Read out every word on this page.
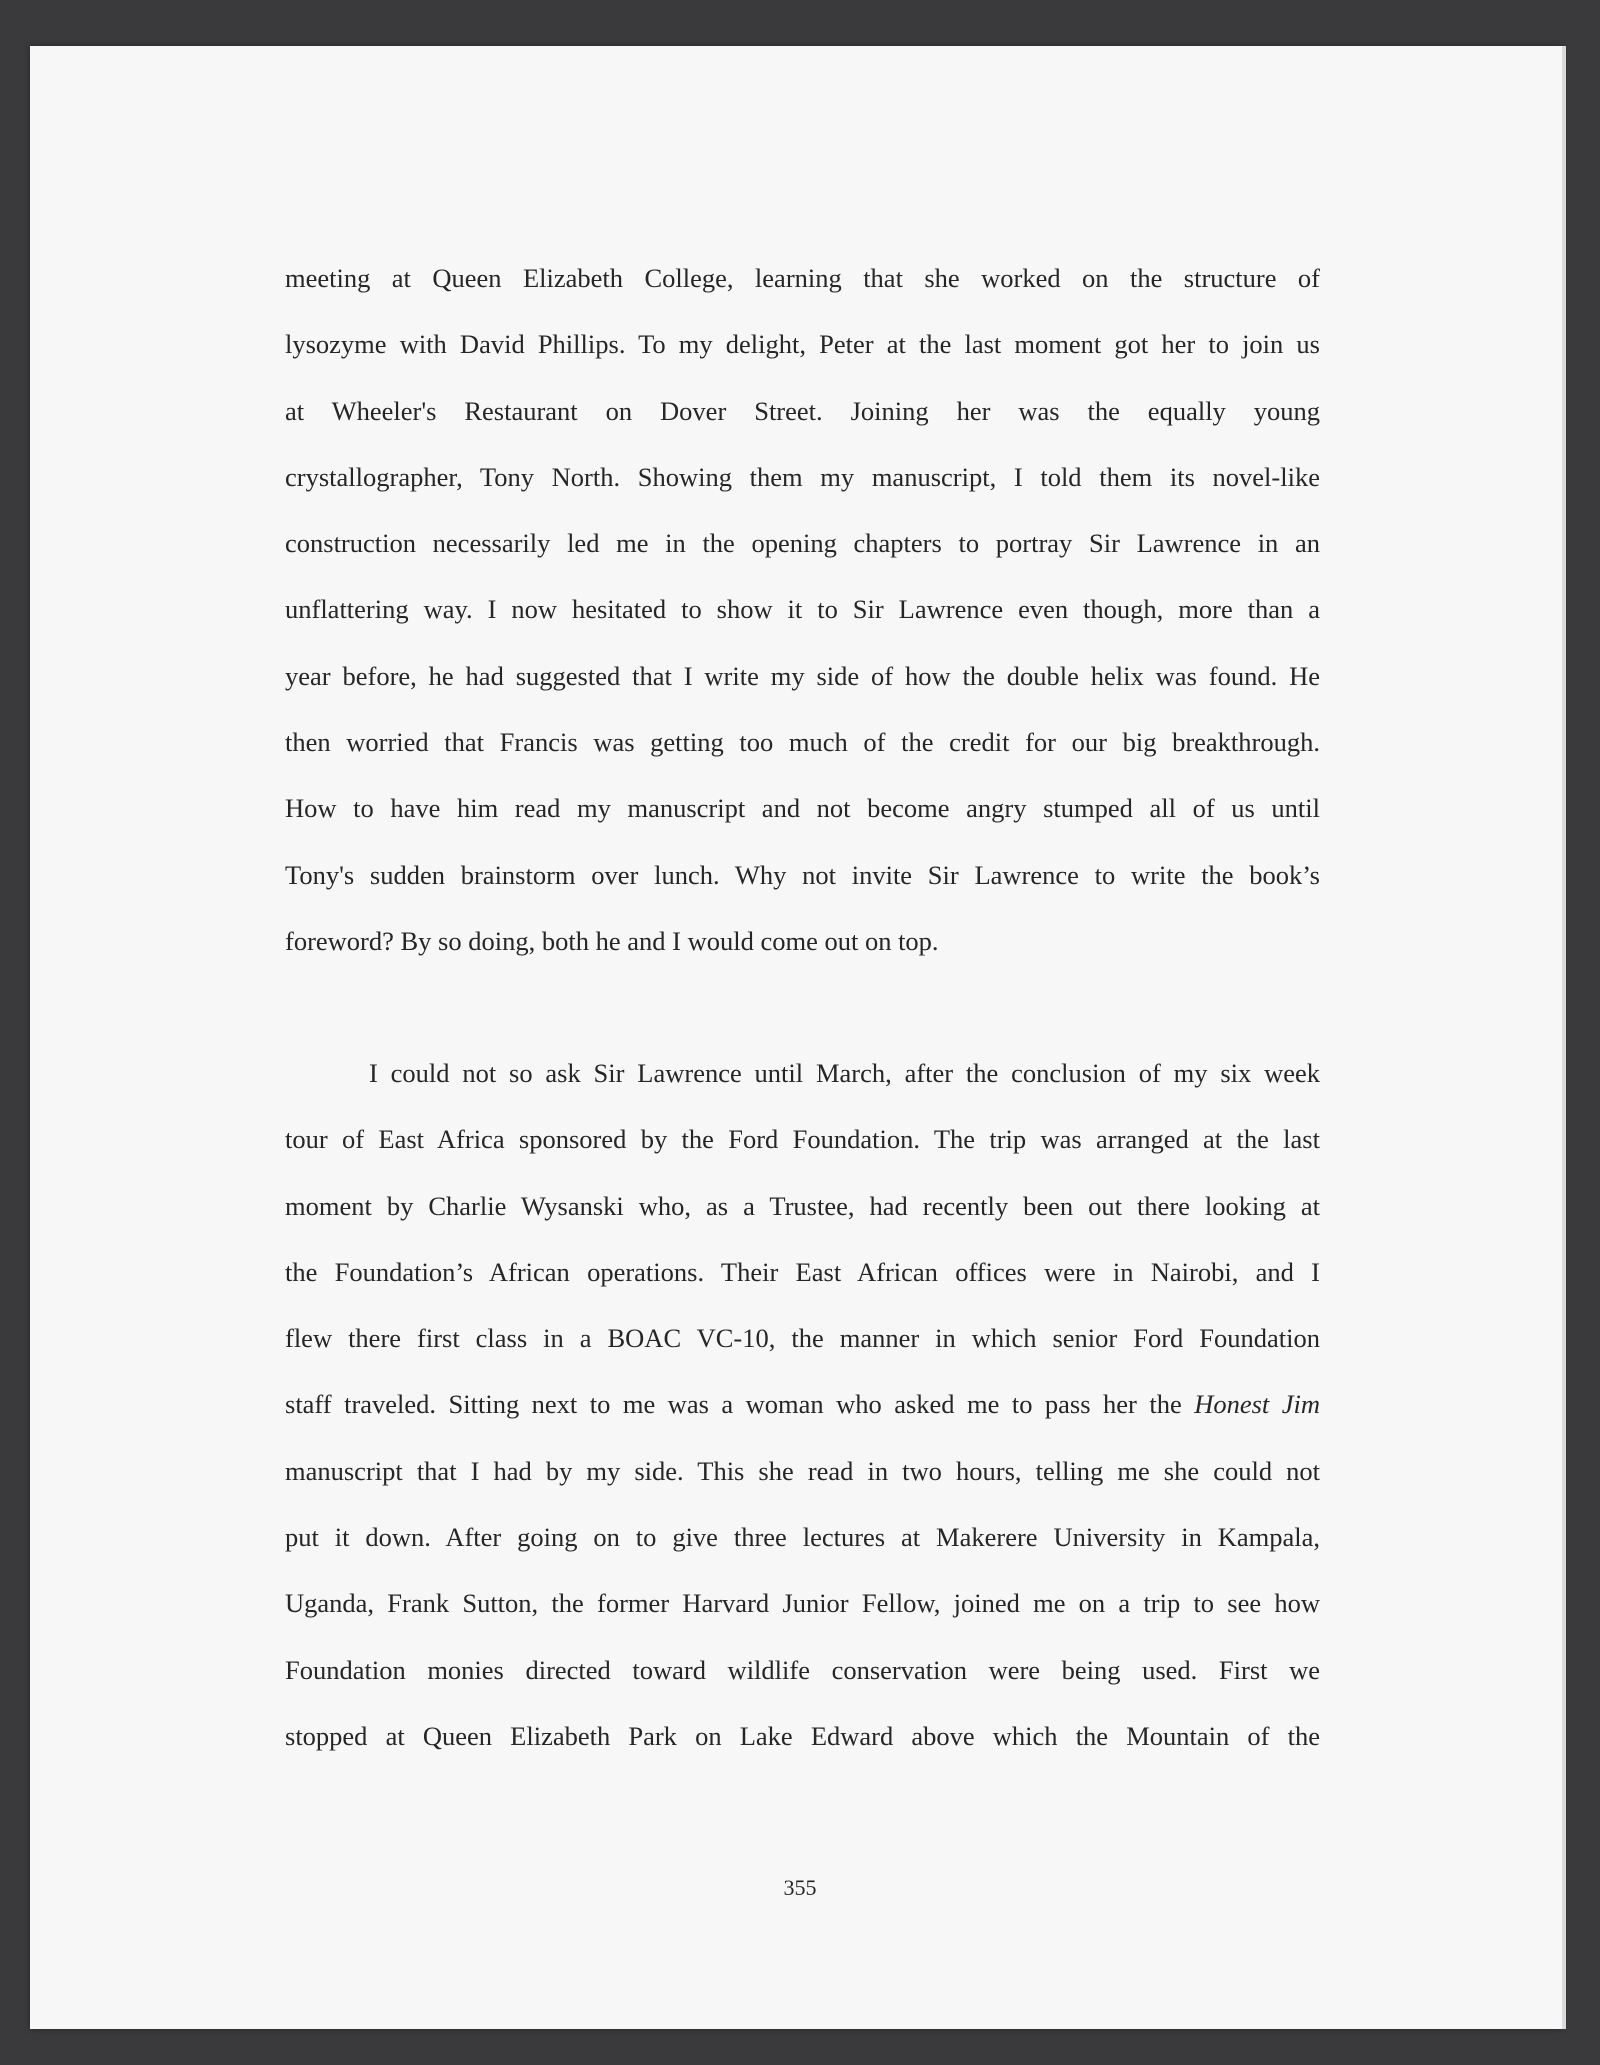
meeting at Queen Elizabeth College, learning that she worked on the structure of
lysozyme with David Phillips. To my delight, Peter at the last moment got her to join us
at Wheeler's Restaurant on Dover Street. Joining her was the equally young
crystallographer, Tony North. Showing them my manuscript, I told them its novel-like
construction necessarily led me in the opening chapters to portray Sir Lawrence in an
unflattering way. I now hesitated to show it to Sir Lawrence even though, more than a
year before, he had suggested that I write my side of how the double helix was found. He
then worried that Francis was getting too much of the credit for our big breakthrough.
How to have him read my manuscript and not become angry stumped all of us until
Tony's sudden brainstorm over lunch. Why not invite Sir Lawrence to write the book’s
foreword? By so doing, both he and I would come out on top.
I could not so ask Sir Lawrence until March, after the conclusion of my six week
tour of East Africa sponsored by the Ford Foundation. The trip was arranged at the last
moment by Charlie Wysanski who, as a Trustee, had recently been out there looking at
the Foundation’s African operations. Their East African offices were in Nairobi, and I
flew there first class in a BOAC VC-10, the manner in which senior Ford Foundation
staff traveled. Sitting next to me was a woman who asked me to pass her the Honest Jim
manuscript that I had by my side. This she read in two hours, telling me she could not
put it down. After going on to give three lectures at Makerere University in Kampala,
Uganda, Frank Sutton, the former Harvard Junior Fellow, joined me on a trip to see how
Foundation monies directed toward wildlife conservation were being used. First we
stopped at Queen Elizabeth Park on Lake Edward above which the Mountain of the
355
